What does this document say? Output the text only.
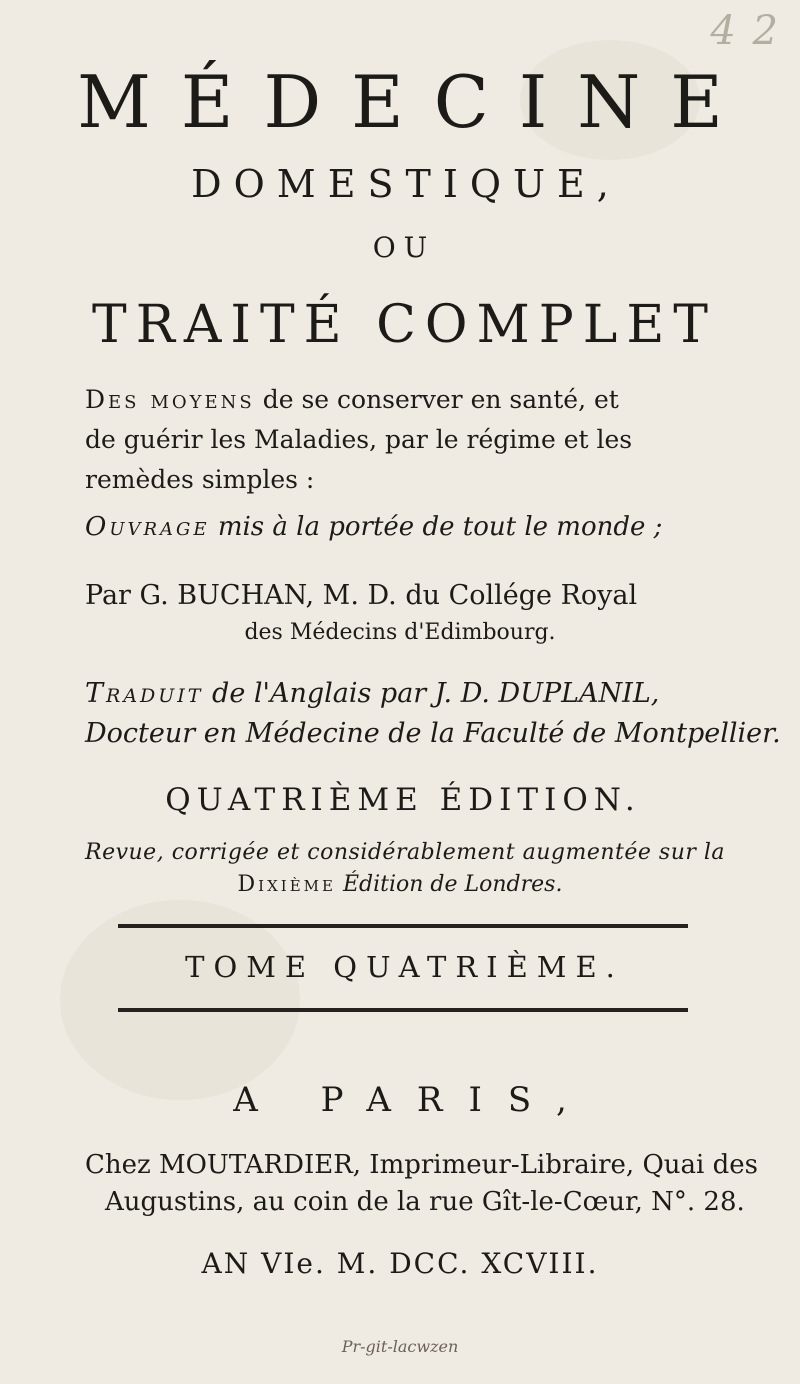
4 2
MÉDECINE
DOMESTIQUE,
OU
TRAITÉ COMPLET
Des moyens de se conserver en santé, et
de guérir les Maladies, par le régime et les
remèdes simples :
Ouvrage mis à la portée de tout le monde ;
Par G. BUCHAN, M. D. du Collége Royal
des Médecins d'Edimbourg.
Traduit de l'Anglais par J. D. DUPLANIL,
Docteur en Médecine de la Faculté de Montpellier.
QUATRIÈME ÉDITION.
Revue, corrigée et considérablement augmentée sur la
Dixième Édition de Londres.
TOME QUATRIÈME.
A PARIS,
Chez MOUTARDIER, Imprimeur-Libraire, Quai des
Augustins, au coin de la rue Gît-le-Cœur, N°. 28.
AN VIe. M. DCC. XCVIII.
Pr-git-lacwzen
